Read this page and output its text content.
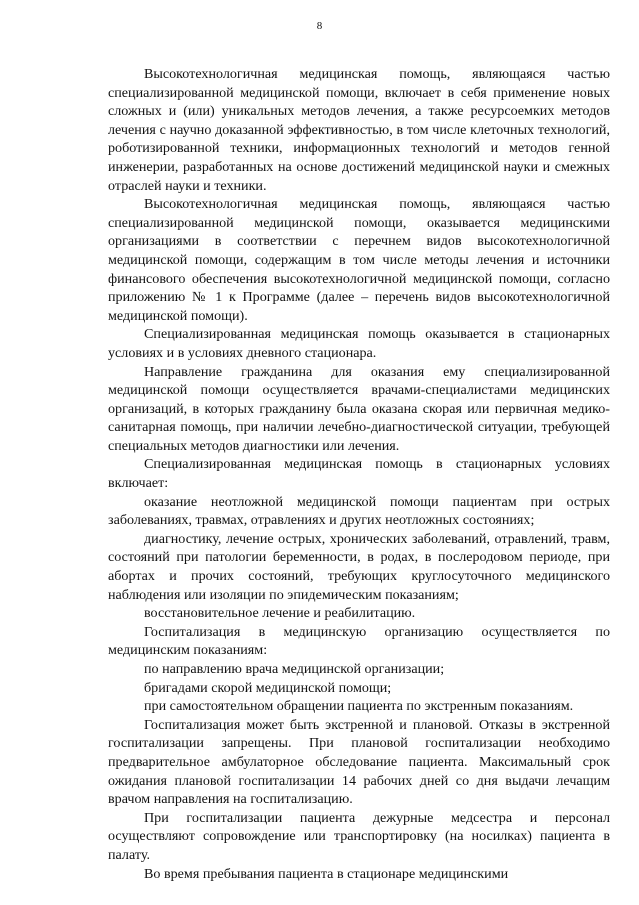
8

Высокотехнологичная медицинская помощь, являющаяся частью специализированной медицинской помощи, включает в себя применение новых сложных и (или) уникальных методов лечения, а также ресурсоемких методов лечения с научно доказанной эффективностью, в том числе клеточных технологий, роботизированной техники, информационных технологий и методов генной инженерии, разработанных на основе достижений медицинской науки и смежных отраслей науки и техники.

Высокотехнологичная медицинская помощь, являющаяся частью специализированной медицинской помощи, оказывается медицинскими организациями в соответствии с перечнем видов высокотехнологичной медицинской помощи, содержащим в том числе методы лечения и источники финансового обеспечения высокотехнологичной медицинской помощи, согласно приложению № 1 к Программе (далее – перечень видов высокотехнологичной медицинской помощи).

Специализированная медицинская помощь оказывается в стационарных условиях и в условиях дневного стационара.

Направление гражданина для оказания ему специализированной медицинской помощи осуществляется врачами-специалистами медицинских организаций, в которых гражданину была оказана скорая или первичная медико-санитарная помощь, при наличии лечебно-диагностической ситуации, требующей специальных методов диагностики или лечения.

Специализированная медицинская помощь в стационарных условиях включает:

оказание неотложной медицинской помощи пациентам при острых заболеваниях, травмах, отравлениях и других неотложных состояниях;

диагностику, лечение острых, хронических заболеваний, отравлений, травм, состояний при патологии беременности, в родах, в послеродовом периоде, при абортах и прочих состояний, требующих круглосуточного медицинского наблюдения или изоляции по эпидемическим показаниям;

восстановительное лечение и реабилитацию.

Госпитализация в медицинскую организацию осуществляется по медицинским показаниям:

по направлению врача медицинской организации;

бригадами скорой медицинской помощи;

при самостоятельном обращении пациента по экстренным показаниям.

Госпитализация может быть экстренной и плановой. Отказы в экстренной госпитализации запрещены. При плановой госпитализации необходимо предварительное амбулаторное обследование пациента. Максимальный срок ожидания плановой госпитализации 14 рабочих дней со дня выдачи лечащим врачом направления на госпитализацию.

При госпитализации пациента дежурные медсестра и персонал осуществляют сопровождение или транспортировку (на носилках) пациента в палату.

Во время пребывания пациента в стационаре медицинскими
